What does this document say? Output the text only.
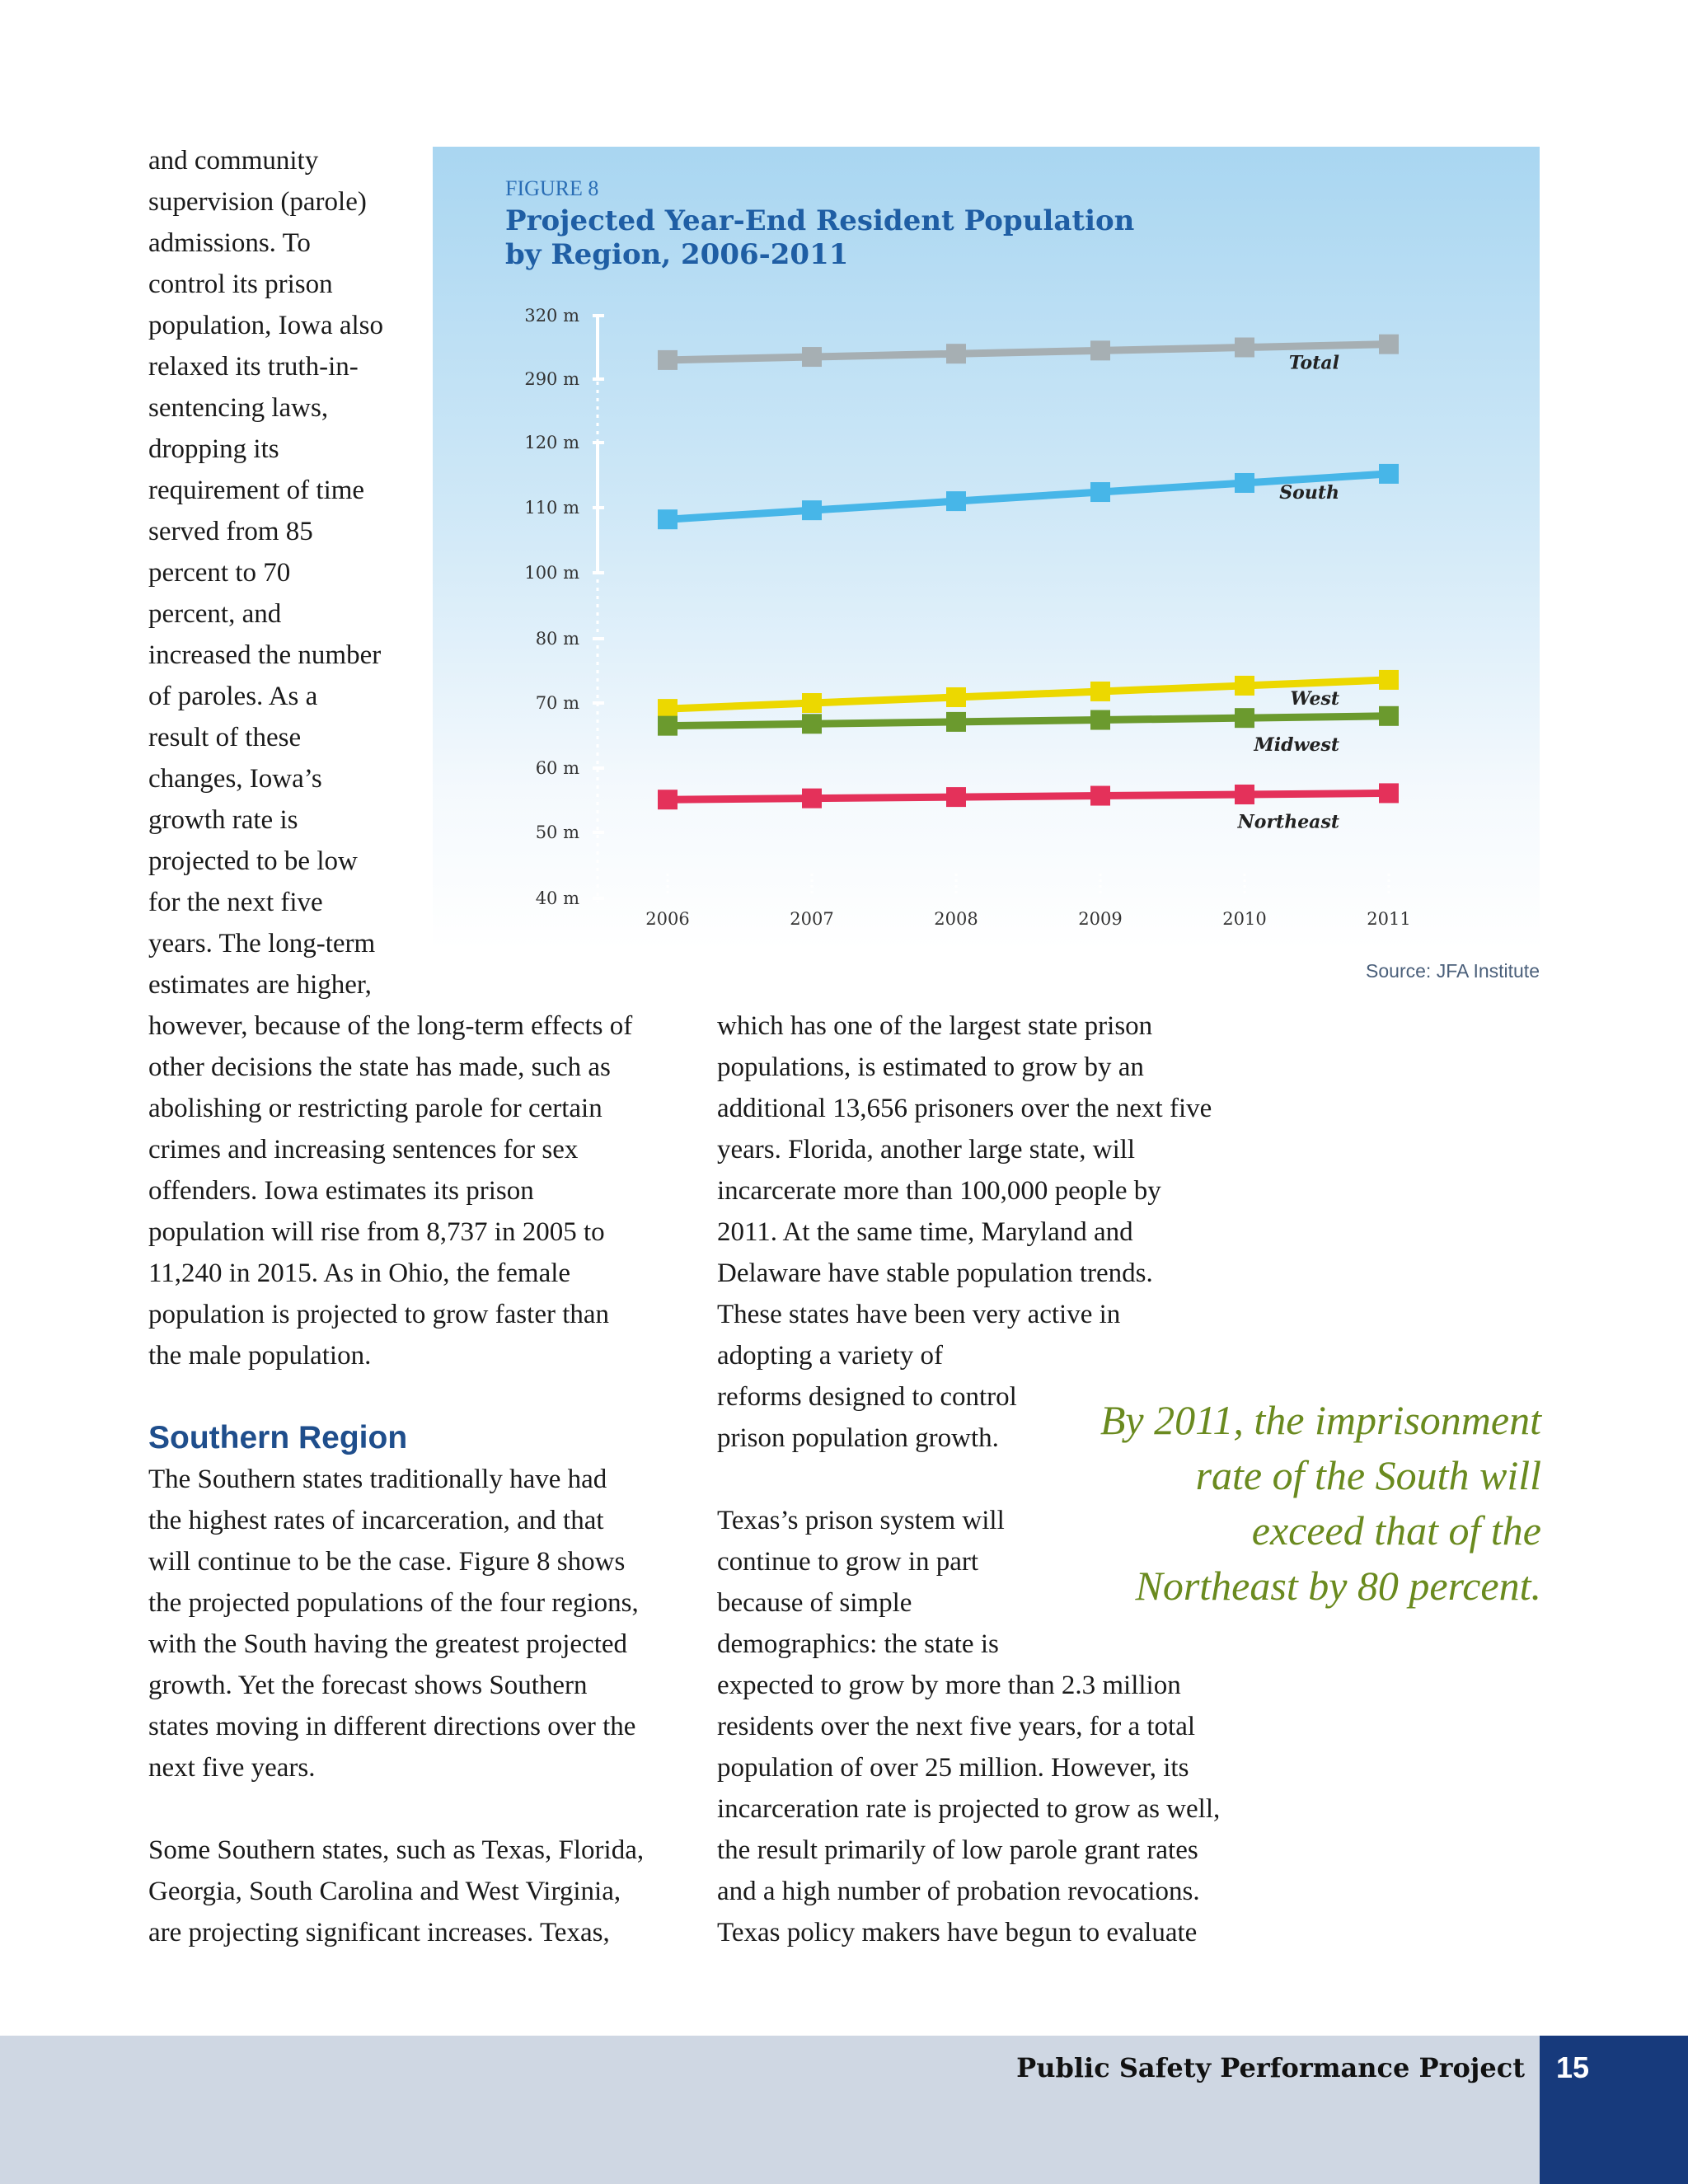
and community
supervision (parole)
admissions. To
control its prison
population, Iowa also
relaxed its truth-in-
sentencing laws,
dropping its
requirement of time
served from 85
percent to 70
percent, and
increased the number
of paroles. As a
result of these
changes, Iowa’s
growth rate is
projected to be low
for the next five
years. The long-term
estimates are higher,
FIGURE 8
Projected Year-End Resident Population
by Region, 2006-2011
40 m
50 m
60 m
70 m
80 m
100 m
110 m
120 m
290 m
320 m
2006	2007	2008	2009	2010	2011
Total
South
West
Midwest
Northeast
Source: JFA Institute
however, because of the long-term effects of
other decisions the state has made, such as
abolishing or restricting parole for certain
crimes and increasing sentences for sex
offenders. Iowa estimates its prison
population will rise from 8,737 in 2005 to
11,240 in 2015. As in Ohio, the female
population is projected to grow faster than
the male population.
Southern Region
The Southern states traditionally have had
the highest rates of incarceration, and that
will continue to be the case. Figure 8 shows
the projected populations of the four regions,
with the South having the greatest projected
growth. Yet the forecast shows Southern
states moving in different directions over the
next five years.
Some Southern states, such as Texas, Florida,
Georgia, South Carolina and West Virginia,
are projecting significant increases. Texas,
which has one of the largest state prison
populations, is estimated to grow by an
additional 13,656 prisoners over the next five
years. Florida, another large state, will
incarcerate more than 100,000 people by
2011. At the same time, Maryland and
Delaware have stable population trends.
These states have been very active in
adopting a variety of
reforms designed to control
prison population growth.
Texas’s prison system will
continue to grow in part
because of simple
demographics: the state is
expected to grow by more than 2.3 million
residents over the next five years, for a total
population of over 25 million. However, its
incarceration rate is projected to grow as well,
the result primarily of low parole grant rates
and a high number of probation revocations.
Texas policy makers have begun to evaluate

By 2011, the imprisonment rate of the South will exceed that of the Northeast by 80 percent.

Public Safety Performance Project 15
